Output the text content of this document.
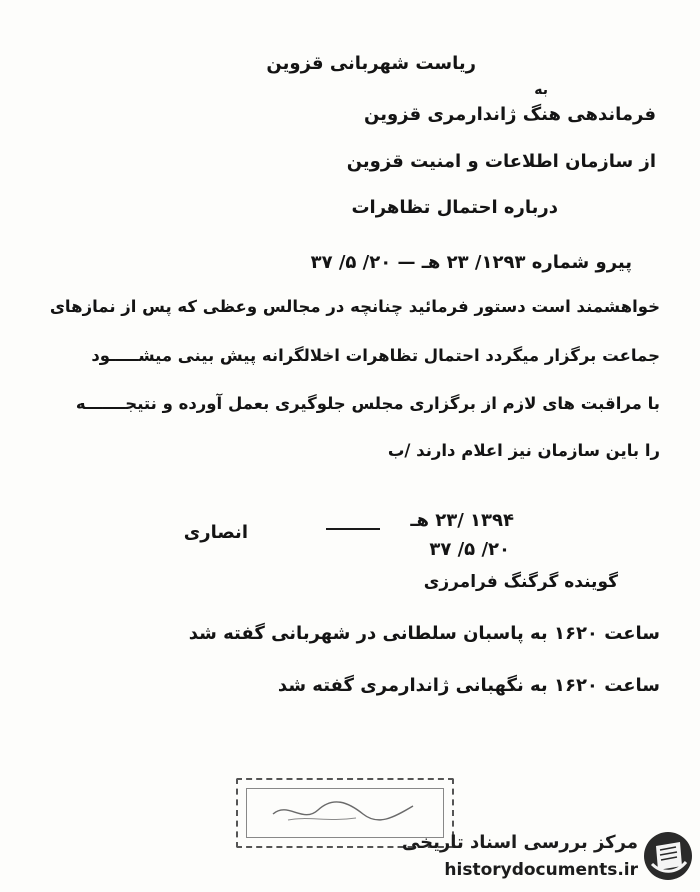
ریاست شهربانی قزوین
به
فرماندهی هنگ ژاندارمری قزوین
از سازمان اطلاعات و امنیت قزوین
درباره احتمال تظاهرات
پیرو شماره ۱۲۹۳/ ۲۳ هـ — ۲۰/ ۵/ ۳۷
خواهشمند است دستور فرمائید چنانچه در مجالس وعظی که پس از نمازهای
جماعت برگزار میگردد احتمال تظاهرات اخلالگرانه پیش بینی میشـــــود
با مراقبت های لازم از برگزاری مجلس جلوگیری بعمل آورده و نتیجـــــــه
را باین سازمان نیز اعلام دارند /ب
۱۳۹۴ /۲۳ هـ
انصاری
۲۰/ ۵/ ۳۷
گوینده گرگنگ فرامرزی
ساعت ۱۶۲۰ به پاسبان سلطانی در شهربانی گفته شد
ساعت ۱۶۲۰ به نگهبانی ژاندارمری گفته شد
مرکز بررسی اسناد تاریخی
historydocuments.ir
